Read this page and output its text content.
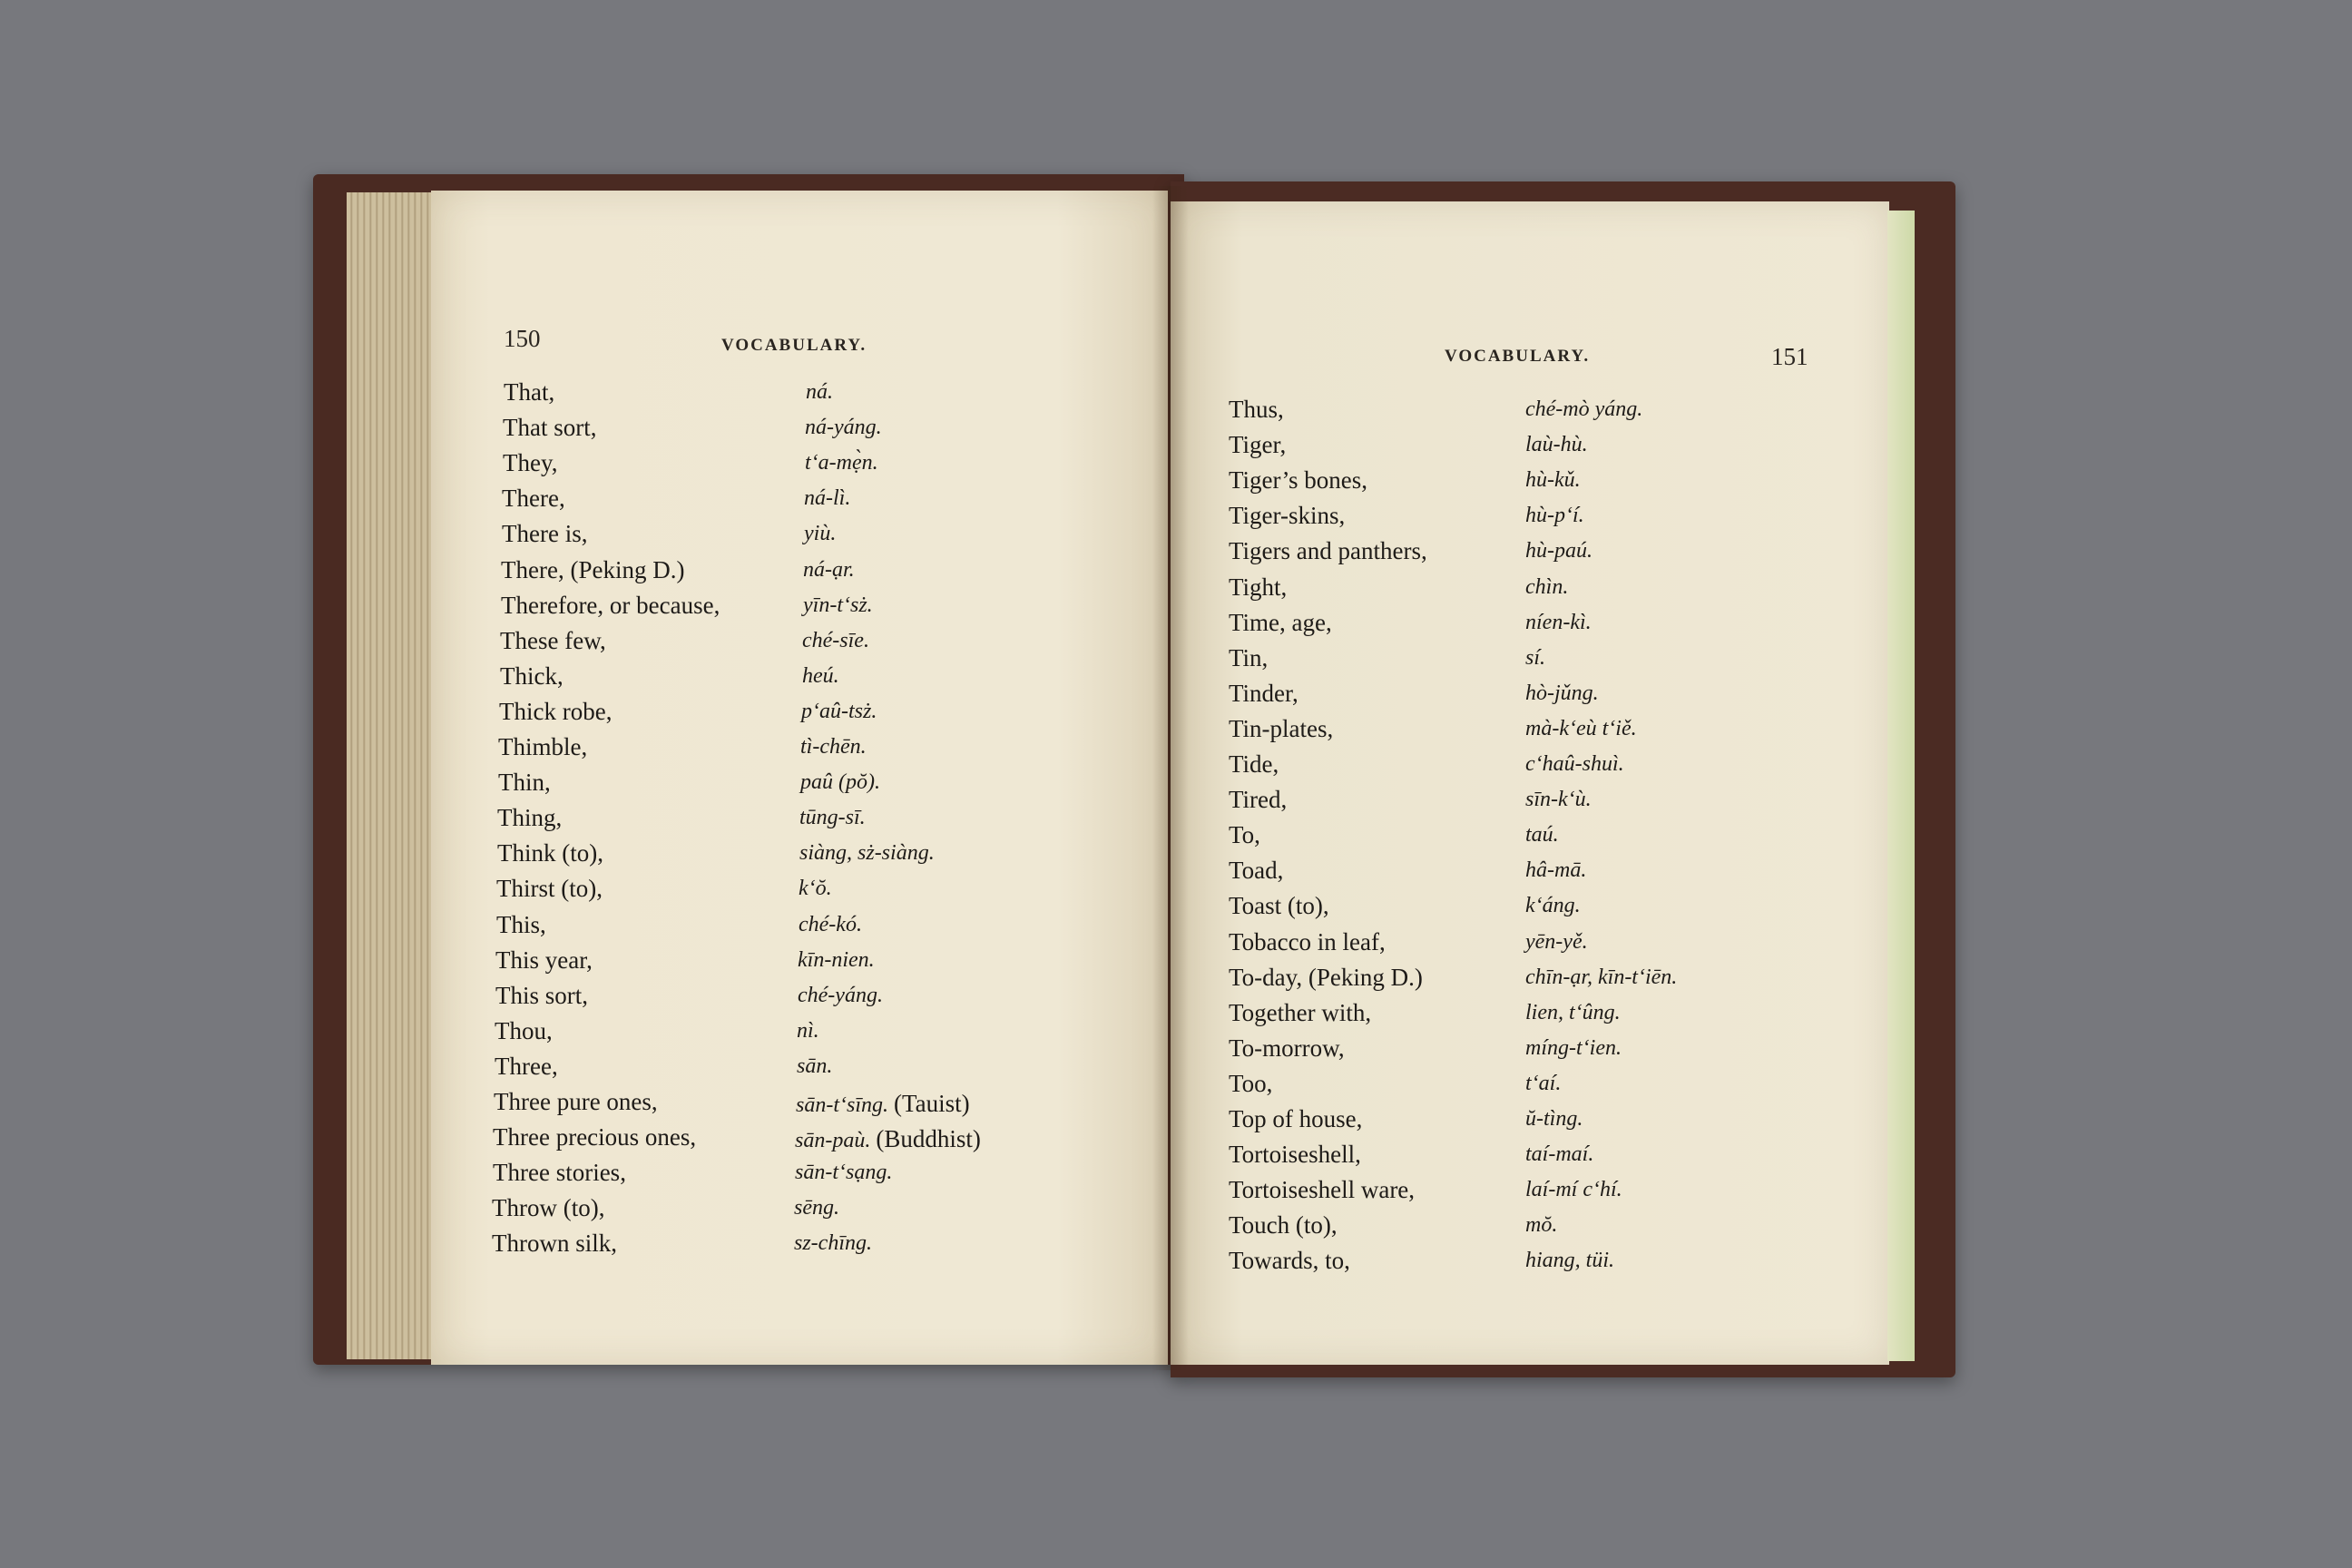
150	VOCABULARY.
That,	ná.
That sort,	ná-yáng.
They,	tʻa-mẹ̀n.
There,	ná-lì.
There is,	yiù.
There, (Peking D.)	ná-ạr.
Therefore, or because,	yīn-tʻsż.
These few,	ché-sīe.
Thick,	heú.
Thick robe,	pʻaû-tsż.
Thimble,	tì-chēn.
Thin,	paû (pŏ).
Thing,	tūng-sī.
Think (to),	siàng, sż-siàng.
Thirst (to),	kʻŏ.
This,	ché-kó.
This year,	kīn-nien.
This sort,	ché-yáng.
Thou,	nì.
Three,	sān.
Three pure ones,	sān-tʻsīng. (Tauist)
Three precious ones,	sān-paù. (Buddhist)
Three stories,	sān-tʻsạng.
Throw (to),	sēng.
Thrown silk,	sz-chīng.
VOCABULARY.	151
Thus,	ché-mò yáng.
Tiger,	laù-hù.
Tiger’s bones,	hù-kǔ.
Tiger-skins,	hù-pʻí.
Tigers and panthers,	hù-paú.
Tight,	chìn.
Time, age,	níen-kì.
Tin,	sí.
Tinder,	hò-jǔng.
Tin-plates,	mà-kʻeù tʻiě.
Tide,	cʻhaû-shuì.
Tired,	sīn-kʻù.
To,	taú.
Toad,	hâ-mā.
Toast (to),	kʻáng.
Tobacco in leaf,	yēn-yě.
To-day, (Peking D.)	chīn-ạr, kīn-tʻiēn.
Together with,	lien, tʻûng.
To-morrow,	míng-tʻien.
Too,	tʻaí.
Top of house,	ŭ-tìng.
Tortoiseshell,	taí-maí.
Tortoiseshell ware,	laí-mí cʻhí.
Touch (to),	mŏ.
Towards, to,	hiang, tüi.
